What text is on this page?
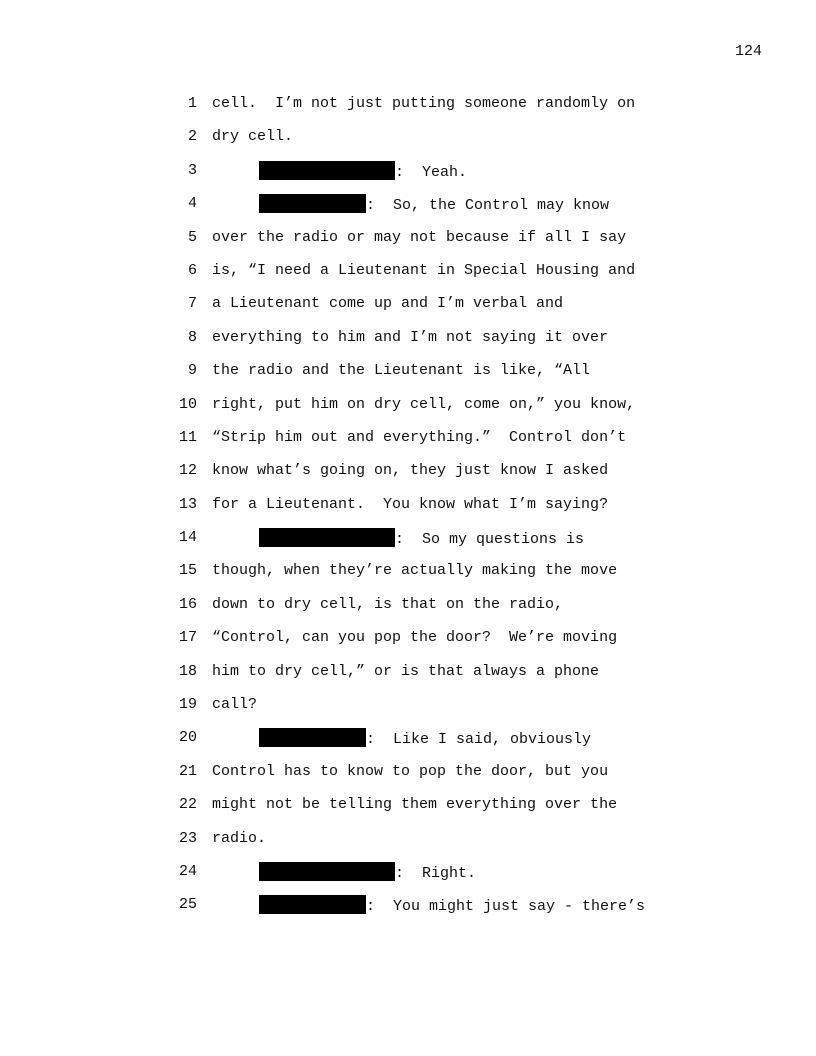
124
1 cell.  I’m not just putting someone randomly on
2 dry cell.
3	:  Yeah.
4	:  So, the Control may know
5 over the radio or may not because if all I say
6 is, “I need a Lieutenant in Special Housing and
7 a Lieutenant come up and I’m verbal and
8 everything to him and I’m not saying it over
9 the radio and the Lieutenant is like, “All
10 right, put him on dry cell, come on,” you know,
11 “Strip him out and everything.”  Control don’t
12 know what’s going on, they just know I asked
13 for a Lieutenant.  You know what I’m saying?
14	:  So my questions is
15 though, when they’re actually making the move
16 down to dry cell, is that on the radio,
17 “Control, can you pop the door?  We’re moving
18 him to dry cell,” or is that always a phone
19 call?
20	:  Like I said, obviously
21 Control has to know to pop the door, but you
22 might not be telling them everything over the
23 radio.
24	:  Right.
25	:  You might just say - there’s
